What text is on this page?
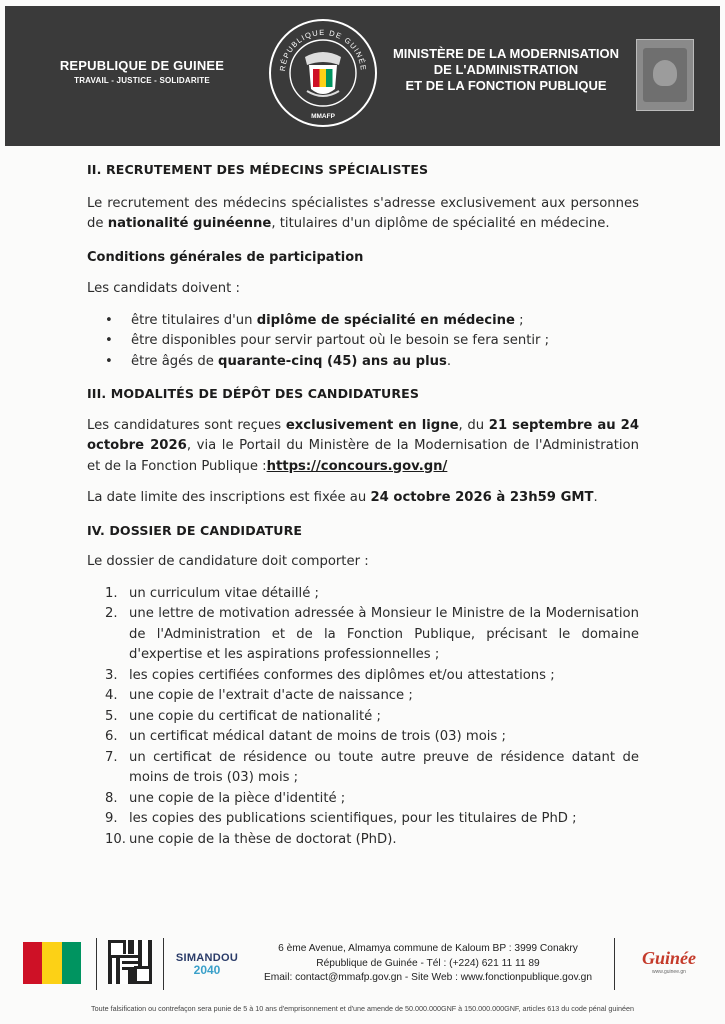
REPUBLIQUE DE GUINEE
TRAVAIL - JUSTICE - SOLIDARITE
RÉPUBLIQUE DE GUINÉE
MMAFP
MINISTÈRE DE LA MODERNISATION
DE L'ADMINISTRATION
ET DE LA FONCTION PUBLIQUE
II. RECRUTEMENT DES MÉDECINS SPÉCIALISTES

Le recrutement des médecins spécialistes s'adresse exclusivement aux personnes de nationalité guinéenne, titulaires d'un diplôme de spécialité en médecine.

Conditions générales de participation

Les candidats doivent :

• être titulaires d'un diplôme de spécialité en médecine ;
• être disponibles pour servir partout où le besoin se fera sentir ;
• être âgés de quarante-cinq (45) ans au plus.
III. MODALITÉS DE DÉPÔT DES CANDIDATURES

Les candidatures sont reçues exclusivement en ligne, du 21 septembre au 24 octobre 2026, via le Portail du Ministère de la Modernisation de l'Administration et de la Fonction Publique :https://concours.gov.gn/

La date limite des inscriptions est fixée au 24 octobre 2026 à 23h59 GMT.

IV. DOSSIER DE CANDIDATURE

Le dossier de candidature doit comporter :

1. un curriculum vitae détaillé ;
2. une lettre de motivation adressée à Monsieur le Ministre de la Modernisation de l'Administration et de la Fonction Publique, précisant le domaine d'expertise et les aspirations professionnelles ;
3. les copies certifiées conformes des diplômes et/ou attestations ;
4. une copie de l'extrait d'acte de naissance ;
5. une copie du certificat de nationalité ;
6. un certificat médical datant de moins de trois (03) mois ;
7. un certificat de résidence ou toute autre preuve de résidence datant de moins de trois (03) mois ;
8. une copie de la pièce d'identité ;
9. les copies des publications scientifiques, pour les titulaires de PhD ;
10. une copie de la thèse de doctorat (PhD).
SIMANDOU
2040
6 ème Avenue, Almamya commune de Kaloum BP : 3999 Conakry
République de Guinée - Tél : (+224) 621 11 11 89
Email: contact@mmafp.gov.gn - Site Web : www.fonctionpublique.gov.gn
Guinée
www.guinee.gn
Toute falsification ou contrefaçon sera punie de 5 à 10 ans d'emprisonnement et d'une amende de 50.000.000GNF à 150.000.000GNF, articles 613 du code pénal guinéen
